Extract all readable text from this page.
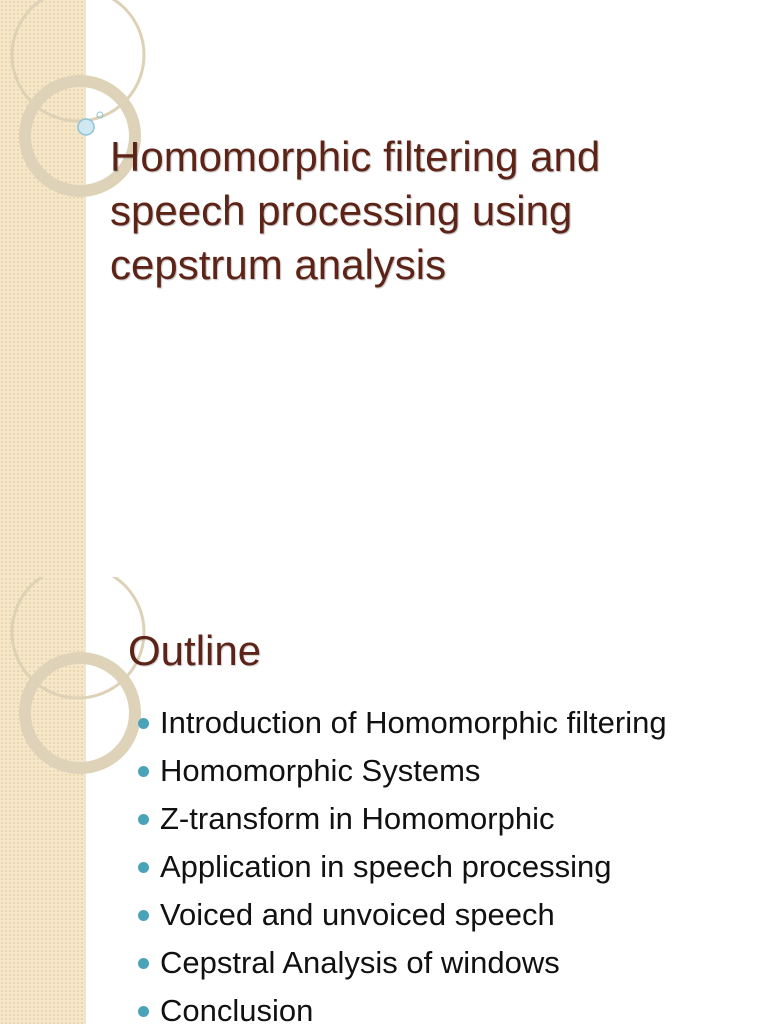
Homomorphic filtering and speech processing using cepstrum analysis
Outline
Introduction of Homomorphic filtering
Homomorphic Systems
Z-transform in Homomorphic
Application in speech processing
Voiced and unvoiced speech
Cepstral Analysis of windows
Conclusion
